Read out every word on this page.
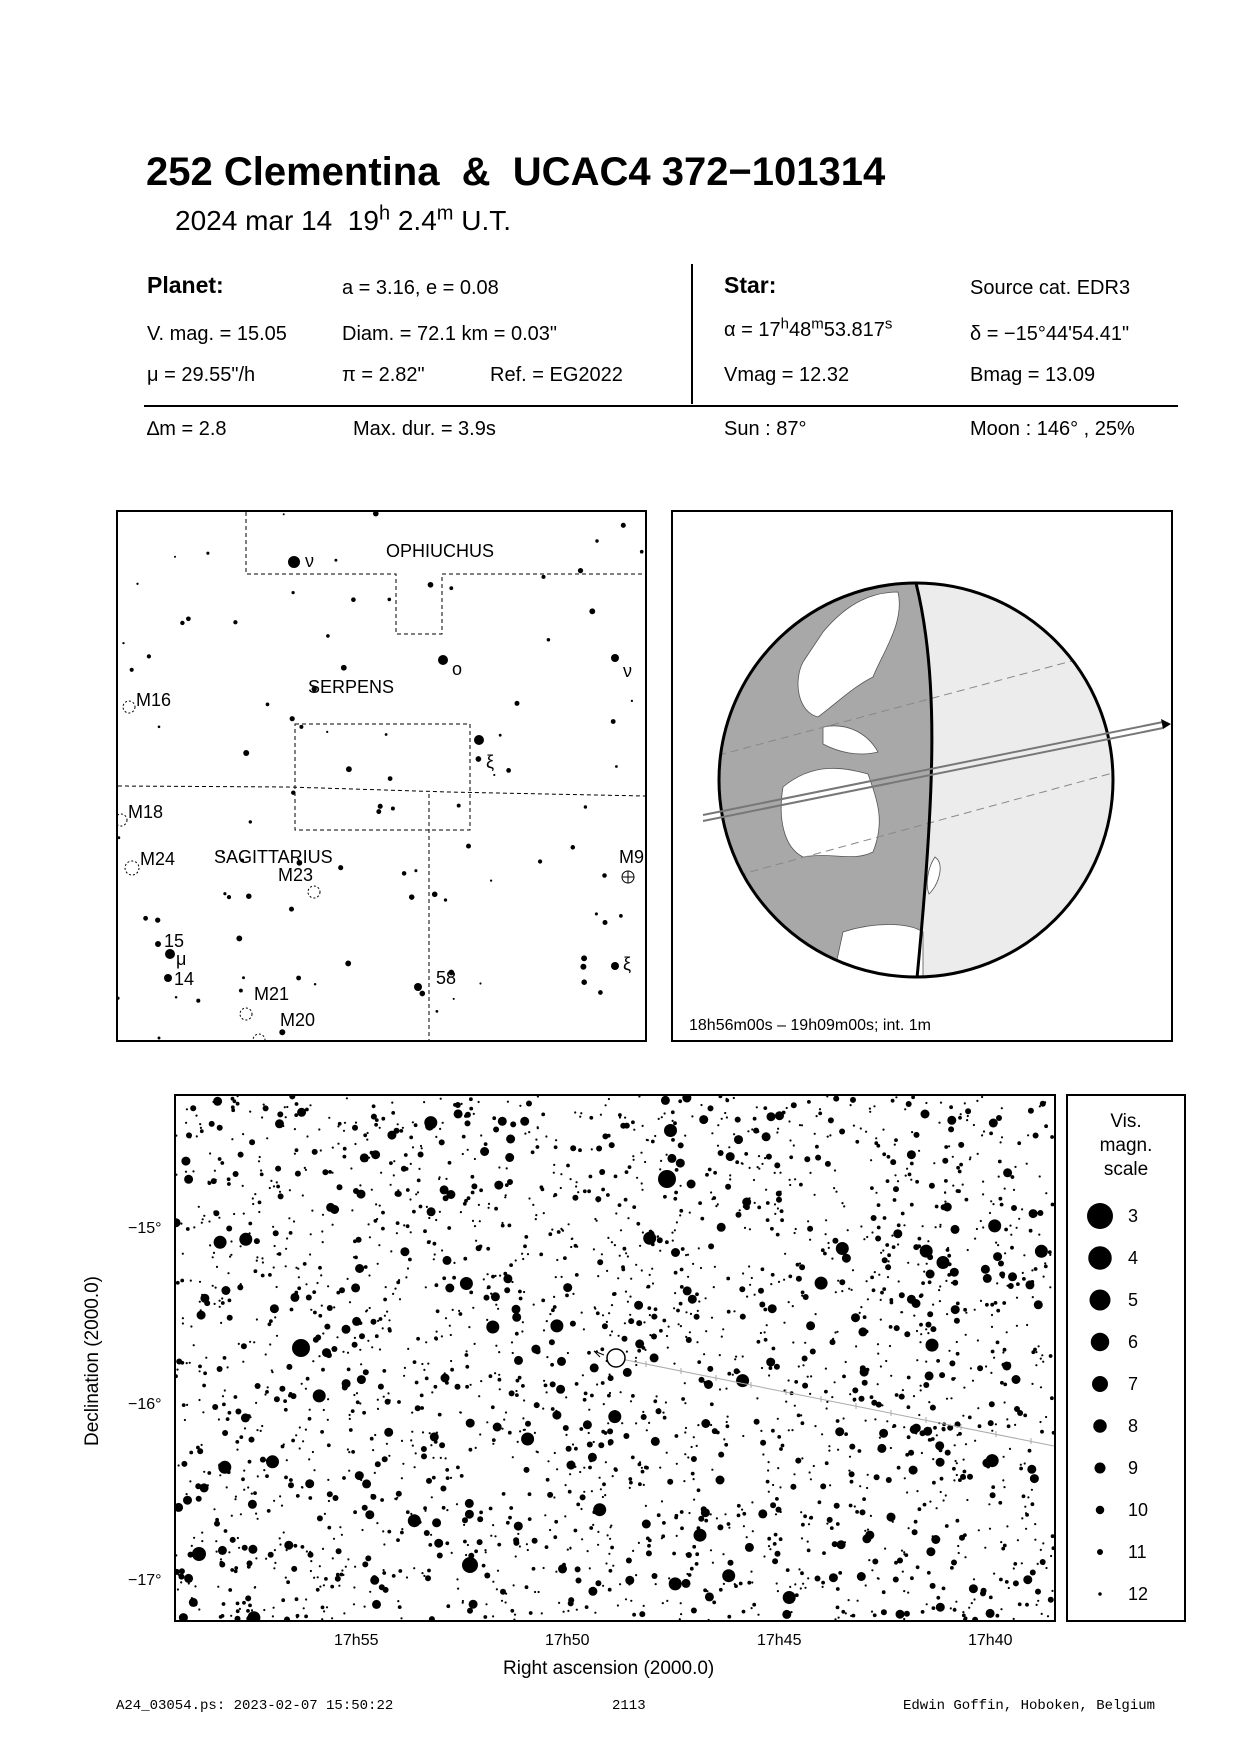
252 Clementina  &  UCAC4 372−101314
2024 mar 14 19$^h$ 2.4$^m$ U.T.
Planet:	a = 3.16, e = 0.08
V. mag. = 15.05	Diam. = 72.1 km = 0.03"
μ = 29.55"/h	π = 2.82"	Ref. = EG2022
Star:	Source cat. EDR3
$\alpha = 17^h48^m53.817^s$	δ = −15°44'54.41"
Vmag = 12.32	Bmag = 13.09
∆m = 2.8	Max. dur. = 3.9s	Sun : 87°	Moon : 146° , 25%
OPHIUCHUS
SERPENS
SAGITTARIUS
M16
M18
M24
M23
M9
M21
M20
ν
o	ν
ξ
15
μ
14	58
ξ
18h56m00s – 19h09m00s; int. 1m
−15°
−16°
−17°
17h55	17h50	17h45	17h40
Right ascension (2000.0)
Declination (2000.0)
Vis.
magn.
scale
3
4
5
6
7
8
9
10
11
12
A24_03054.ps: 2023-02-07 15:50:22	2113	Edwin Goffin, Hoboken, Belgium
